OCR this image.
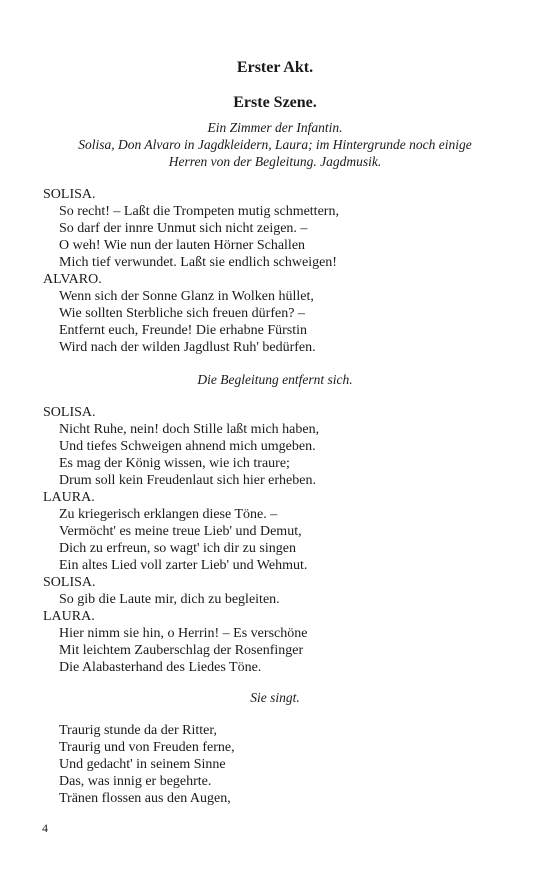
Erster Akt.
Erste Szene.
Ein Zimmer der Infantin.
Solisa, Don Alvaro in Jagdkleidern, Laura; im Hintergrunde noch einige
Herren von der Begleitung. Jagdmusik.
SOLISA.
So recht! – Laßt die Trompeten mutig schmettern,
So darf der innre Unmut sich nicht zeigen. –
O weh! Wie nun der lauten Hörner Schallen
Mich tief verwundet. Laßt sie endlich schweigen!
ALVARO.
Wenn sich der Sonne Glanz in Wolken hüllet,
Wie sollten Sterbliche sich freuen dürfen? –
Entfernt euch, Freunde! Die erhabne Fürstin
Wird nach der wilden Jagdlust Ruh' bedürfen.
Die Begleitung entfernt sich.
SOLISA.
Nicht Ruhe, nein! doch Stille laßt mich haben,
Und tiefes Schweigen ahnend mich umgeben.
Es mag der König wissen, wie ich traure;
Drum soll kein Freudenlaut sich hier erheben.
LAURA.
Zu kriegerisch erklangen diese Töne. –
Vermöcht' es meine treue Lieb' und Demut,
Dich zu erfreun, so wagt' ich dir zu singen
Ein altes Lied voll zarter Lieb' und Wehmut.
SOLISA.
So gib die Laute mir, dich zu begleiten.
LAURA.
Hier nimm sie hin, o Herrin! – Es verschöne
Mit leichtem Zauberschlag der Rosenfinger
Die Alabasterhand des Liedes Töne.
Sie singt.
Traurig stunde da der Ritter,
Traurig und von Freuden ferne,
Und gedacht' in seinem Sinne
Das, was innig er begehrte.
Tränen flossen aus den Augen,
4
